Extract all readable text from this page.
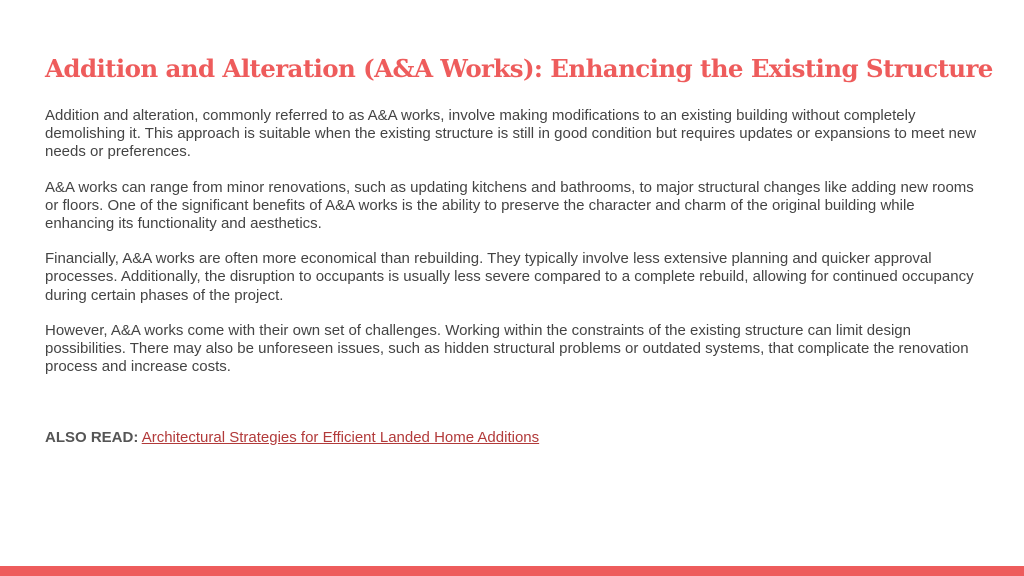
Addition and Alteration (A&A Works): Enhancing the Existing Structure

Addition and alteration, commonly referred to as A&A works, involve making modifications to an existing building without completely demolishing it. This approach is suitable when the existing structure is still in good condition but requires updates or expansions to meet new needs or preferences.

A&A works can range from minor renovations, such as updating kitchens and bathrooms, to major structural changes like adding new rooms or floors. One of the significant benefits of A&A works is the ability to preserve the character and charm of the original building while enhancing its functionality and aesthetics.

Financially, A&A works are often more economical than rebuilding. They typically involve less extensive planning and quicker approval processes. Additionally, the disruption to occupants is usually less severe compared to a complete rebuild, allowing for continued occupancy during certain phases of the project.

However, A&A works come with their own set of challenges. Working within the constraints of the existing structure can limit design possibilities. There may also be unforeseen issues, such as hidden structural problems or outdated systems, that complicate the renovation process and increase costs.

ALSO READ: Architectural Strategies for Efficient Landed Home Additions
